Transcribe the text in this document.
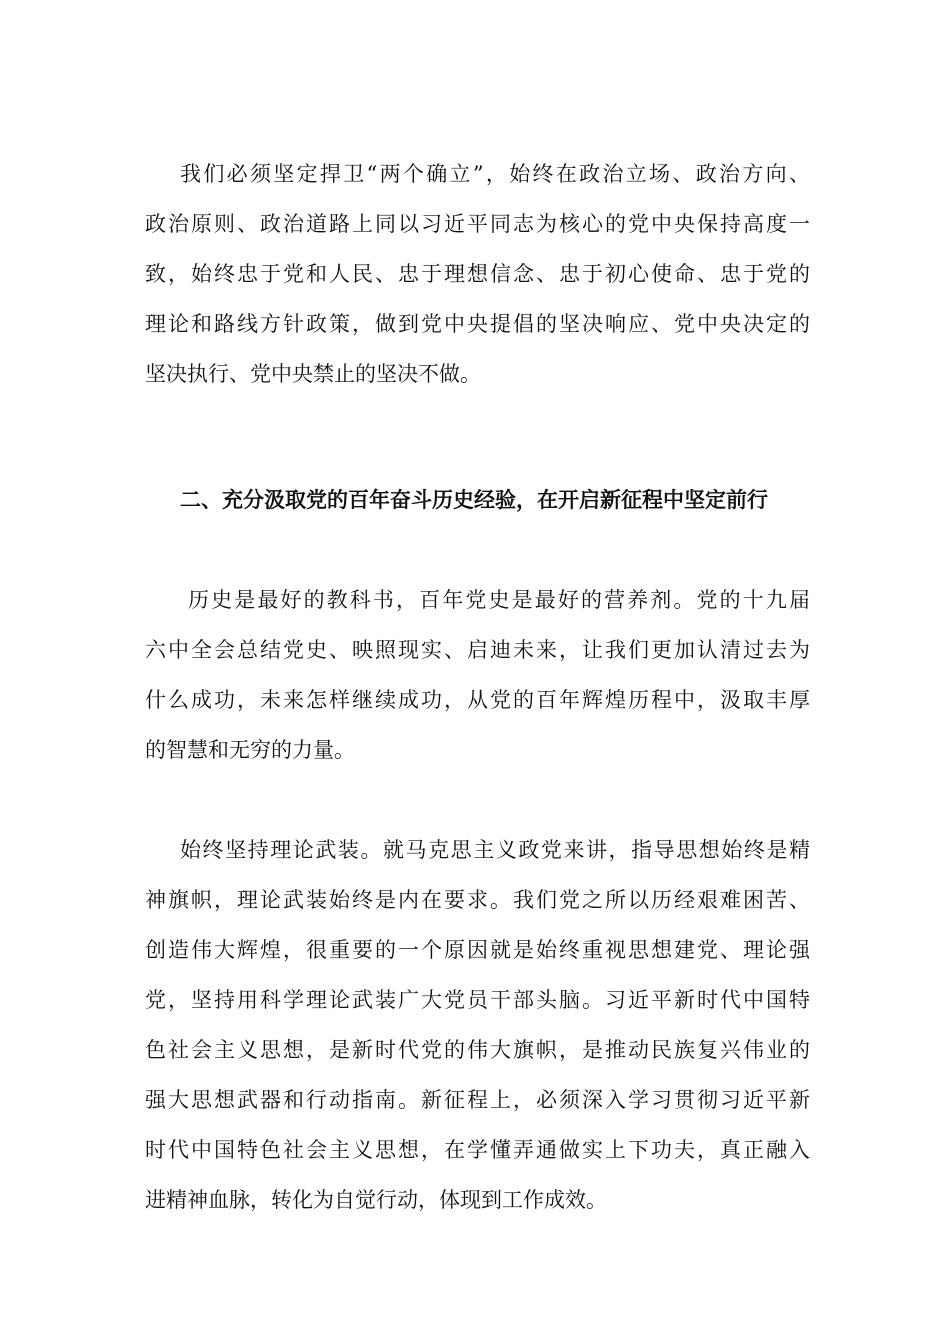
我们必须坚定捍卫“两个确立”，始终在政治立场、政治方向、
政治原则、政治道路上同以习近平同志为核心的党中央保持高度一
致，始终忠于党和人民、忠于理想信念、忠于初心使命、忠于党的
理论和路线方针政策，做到党中央提倡的坚决响应、党中央决定的
坚决执行、党中央禁止的坚决不做。
二、充分汲取党的百年奋斗历史经验，在开启新征程中坚定前行
历史是最好的教科书，百年党史是最好的营养剂。党的十九届
六中全会总结党史、映照现实、启迪未来，让我们更加认清过去为
什么成功，未来怎样继续成功，从党的百年辉煌历程中，汲取丰厚
的智慧和无穷的力量。
始终坚持理论武装。就马克思主义政党来讲，指导思想始终是精
神旗帜，理论武装始终是内在要求。我们党之所以历经艰难困苦、
创造伟大辉煌，很重要的一个原因就是始终重视思想建党、理论强
党，坚持用科学理论武装广大党员干部头脑。习近平新时代中国特
色社会主义思想，是新时代党的伟大旗帜，是推动民族复兴伟业的
强大思想武器和行动指南。新征程上，必须深入学习贯彻习近平新
时代中国特色社会主义思想，在学懂弄通做实上下功夫，真正融入
进精神血脉，转化为自觉行动，体现到工作成效。
